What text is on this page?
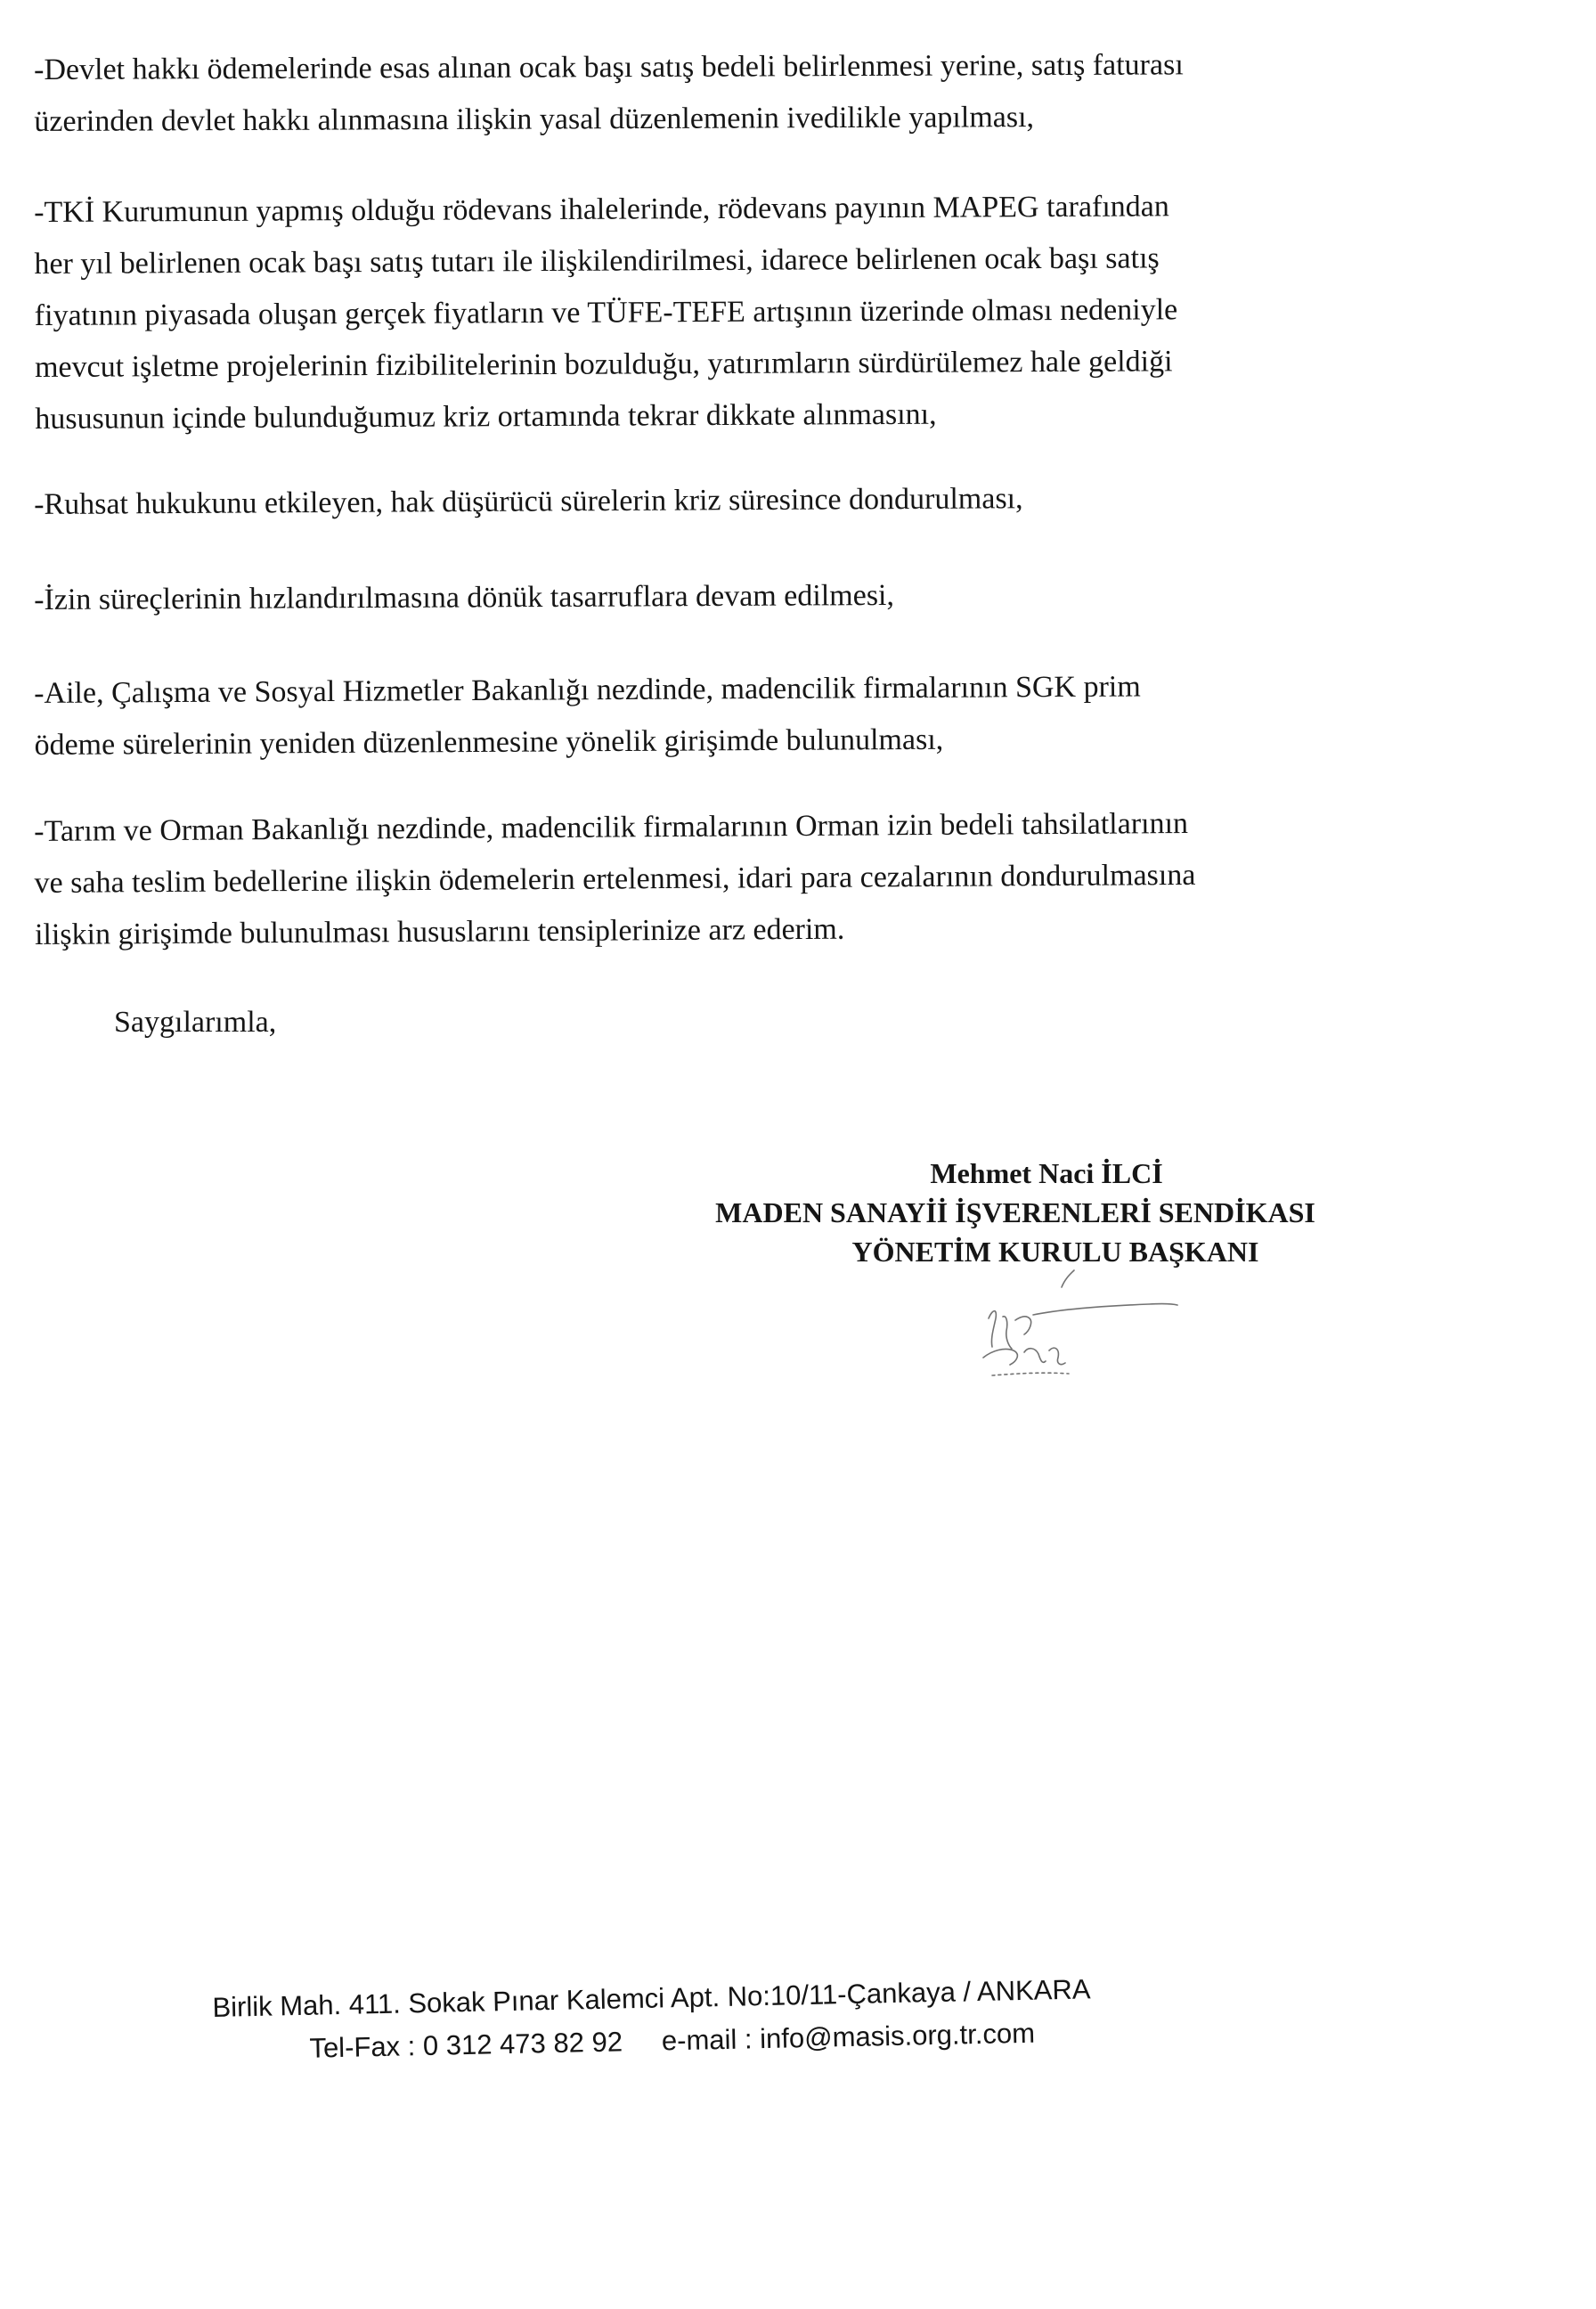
-Devlet hakkı ödemelerinde esas alınan ocak başı satış bedeli belirlenmesi yerine, satış faturası
üzerinden devlet hakkı alınmasına ilişkin yasal düzenlemenin ivedilikle yapılması,
-TKİ Kurumunun yapmış olduğu rödevans ihalelerinde, rödevans payının MAPEG tarafından
her yıl belirlenen ocak başı satış tutarı ile ilişkilendirilmesi, idarece belirlenen ocak başı satış
fiyatının piyasada oluşan gerçek fiyatların ve TÜFE-TEFE artışının üzerinde olması nedeniyle
mevcut işletme projelerinin fizibilitelerinin bozulduğu, yatırımların sürdürülemez hale geldiği
hususunun içinde bulunduğumuz kriz ortamında tekrar dikkate alınmasını,
-Ruhsat hukukunu etkileyen, hak düşürücü sürelerin kriz süresince dondurulması,
-İzin süreçlerinin hızlandırılmasına dönük tasarruflara devam edilmesi,
-Aile, Çalışma ve Sosyal Hizmetler Bakanlığı nezdinde, madencilik firmalarının SGK prim
ödeme sürelerinin yeniden düzenlenmesine yönelik girişimde bulunulması,
-Tarım ve Orman Bakanlığı nezdinde, madencilik firmalarının Orman izin bedeli tahsilatlarının
ve saha teslim bedellerine ilişkin ödemelerin ertelenmesi, idari para cezalarının dondurulmasına
ilişkin girişimde bulunulması hususlarını tensiplerinize arz ederim.
Saygılarımla,
Mehmet Naci İLCİ
MADEN SANAYİİ İŞVERENLERİ SENDİKASI
YÖNETİM KURULU BAŞKANI
Birlik Mah. 411. Sokak Pınar Kalemci Apt. No:10/11-Çankaya / ANKARA
Tel-Fax : 0 312 473 82 92 e-mail : info@masis.org.tr.com
